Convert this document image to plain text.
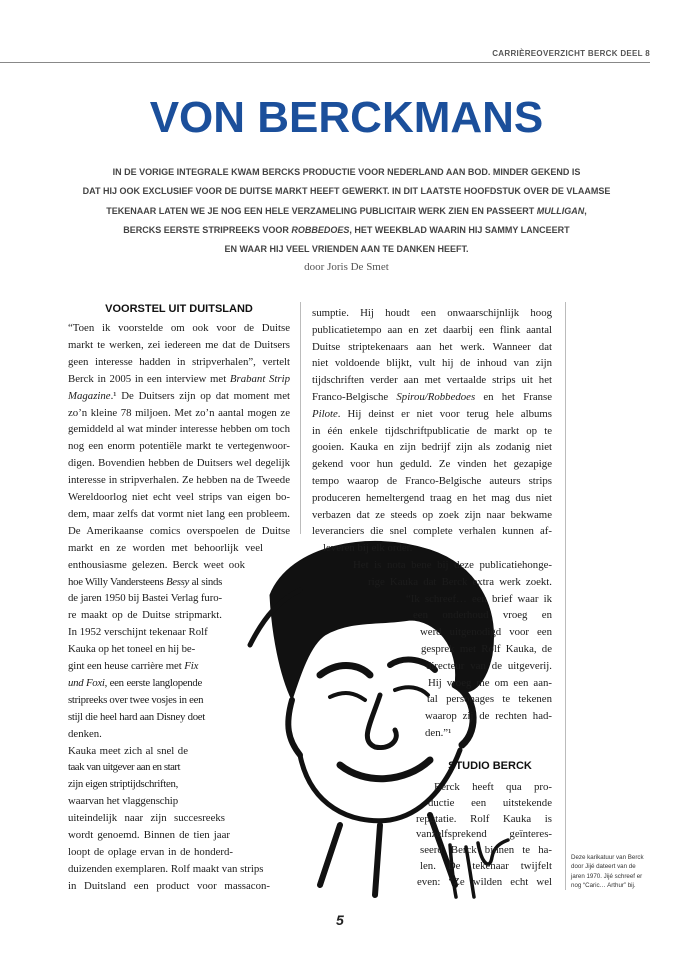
CARRIÈREOVERZICHT BERCK DEEL 8
VON BERCKMANS
IN DE VORIGE INTEGRALE KWAM BERCKS PRODUCTIE VOOR NEDERLAND AAN BOD. MINDER GEKEND IS
DAT HIJ OOK EXCLUSIEF VOOR DE DUITSE MARKT HEEFT GEWERKT. IN DIT LAATSTE HOOFDSTUK OVER DE VLAAMSE
TEKENAAR LATEN WE JE NOG EEN HELE VERZAMELING PUBLICITAIR WERK ZIEN EN PASSEERT MULLIGAN,
BERCKS EERSTE STRIPREEKS VOOR ROBBEDOES, HET WEEKBLAD WAARIN HIJ SAMMY LANCEERT
EN WAAR HIJ VEEL VRIENDEN AAN TE DANKEN HEEFT.
door Joris De Smet
VOORSTEL UIT DUITSLAND
STUDIO BERCK
“Toen ik voorstelde om ook voor de Duitse
markt te werken, zei iedereen me dat de Duitsers
geen interesse hadden in stripverhalen”, vertelt
Berck in 2005 in een interview met Brabant Strip
Magazine.¹ De Duitsers zijn op dat moment met
zo’n kleine 78 miljoen. Met zo’n aantal mogen ze
gemiddeld al wat minder interesse hebben om toch
nog een enorm potentiële markt te vertegenwoor-
digen. Bovendien hebben de Duitsers wel degelijk
interesse in stripverhalen. Ze hebben na de Tweede
Wereldoorlog niet echt veel strips van eigen bo-
dem, maar zelfs dat vormt niet lang een probleem.
De Amerikaanse comics overspoelen de Duitse
markt en ze worden met behoorlijk veel
enthousiasme gelezen. Berck weet ook
hoe Willy Vandersteens Bessy al sinds
de jaren 1950 bij Bastei Verlag furo-
re maakt op de Duitse stripmarkt.
In 1952 verschijnt tekenaar Rolf
Kauka op het toneel en hij be-
gint een heuse carrière met Fix
und Foxi, een eerste langlopende
stripreeks over twee vosjes in een
stijl die heel hard aan Disney doet
denken.
Kauka meet zich al snel de
taak van uitgever aan en start
zijn eigen striptijdschriften,
waarvan het vlaggenschip
uiteindelijk naar zijn succesreeks
wordt genoemd. Binnen de tien jaar
loopt de oplage ervan in de honderd-
duizenden exemplaren. Rolf maakt van strips
in Duitsland een product voor massacon-
sumptie. Hij houdt een onwaarschijnlijk hoog
publicatietempo aan en zet daarbij een flink aantal
Duitse striptekenaars aan het werk. Wanneer dat
niet voldoende blijkt, vult hij de inhoud van zijn
tijdschriften verder aan met vertaalde strips uit het
Franco-Belgische Spirou/Robbedoes en het Franse
Pilote. Hij deinst er niet voor terug hele albums
in één enkele tijdschriftpublicatie de markt op te
gooien. Kauka en zijn bedrijf zijn als zodanig niet
gekend voor hun geduld. Ze vinden het gezapige
tempo waarop de Franco-Belgische auteurs strips
produceren hemeltergend traag en het mag dus niet
verbazen dat ze steeds op zoek zijn naar bekwame
leveranciers die snel complete verhalen kunnen af-
leveren bij elk order.
Het is nota bene bij deze publicatiehonge-
rige Kauka dat Berck extra werk zoekt.
“Ik schreef… een brief waar ik
een onderhoud vroeg en
werd uitgenodigd voor een
gesprek met Rolf Kauka, de
directeur van de uitgeverij.
Hij vroeg me om een aan-
tal personages te tekenen
waarop zij de rechten had-
den.”¹
Berck heeft qua pro-
ductie een uitstekende
reputatie. Rolf Kauka is
vanzelfsprekend geïnteres-
seerd Berck binnen te ha-
len. De tekenaar twijfelt
even: “Ze wilden echt wel
Deze karikatuur van Berck
door Jijé dateert van de
jaren 1970. Jijé schreef er
nog “Caric… Arthur” bij.
5
